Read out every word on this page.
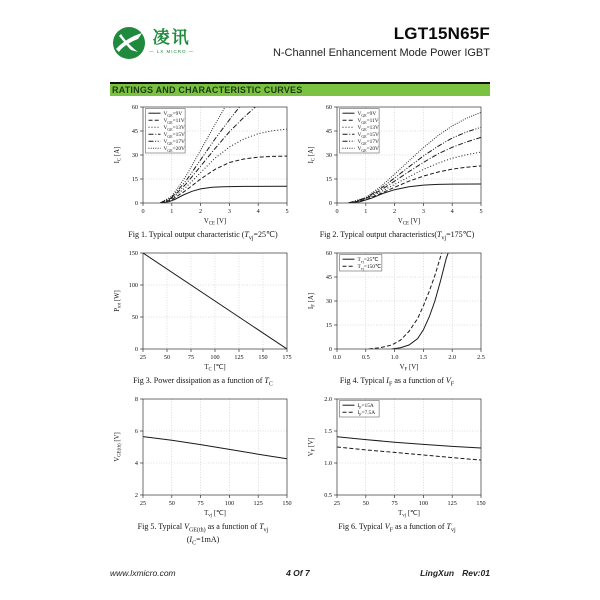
凌讯
— LX MICRO —
LGT15N65F
N-Channel Enhancement Mode Power IGBT
RATINGS AND CHARACTERISTIC CURVES
0	1	2	3	4	5
0
15
30
45
60
$V_{CE}$ [V]
$I_C$ [A]
$V_{GE}=9V$
$V_{GE}=11V$
$V_{GE}=13V$
$V_{GE}=15V$
$V_{GE}=17V$
$V_{GE}=20V$
Fig 1. Typical output characteristic $(T_{vj}=25℃)$
0	1	2	3	4	5
0
15
30
45
60
$V_{CE}$ [V]
$I_C$ [A]
$V_{GE}=9V$
$V_{GE}=11V$
$V_{GE}=13V$
$V_{GE}=15V$
$V_{GE}=17V$
$V_{GE}=20V$
Fig 2. Typical output $characteristics(T_{vj}=175℃)$
25	50	75	100 125 150 175
0
50
100
150
$T_C$ [℃]
$P_{tot}$ [W]
Fig 3. Power dissipation as a function of $T_C$
0.0	0.5	1.0	1.5	2.0	2.5
0
15
30
45
60
$V_F$ [V]
$I_F$ [A]
$T_{vj}=25℃$
$T_{vj}=150℃$
Fig 4. Typical $I_F$ as a function of $V_F$
25	50	75	100	125	150
2
4
6
8
$T_{vj}$ [℃]
$V_{GE(th)}$ [V]
Fig 5. Typical $V_{GE(th)}$ as a function of $T_{vj}$
$(I_C=1mA)$
25	50	75	100	125	150
0.5
1.0
1.5
2.0
$T_{vj}$ [℃]
$V_F$ [V]
$I_F=15A$
$I_F=7.5A$
Fig 6. Typical $V_F$ as a function of $T_{vj}$
www.lxmicro.com	4 Of 7	LingXun Rev:01
